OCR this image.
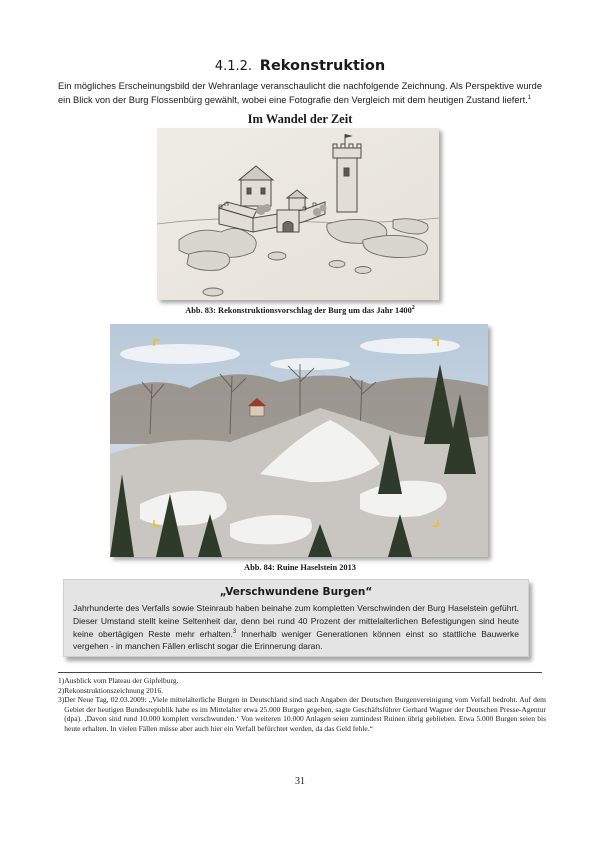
4.1.2. Rekonstruktion
Ein mögliches Erscheinungsbild der Wehranlage veranschaulicht die nachfolgende Zeichnung. Als Perspektive wurde ein Blick von der Burg Flossenbürg gewählt, wobei eine Fotografie den Vergleich mit dem heutigen Zustand liefert.$^1$
Im Wandel der Zeit
Abb. 83: Rekonstruktionsvorschlag der Burg um das Jahr 1400$^2$
Abb. 84: Ruine Haselstein 2013
„Verschwundene Burgen“
Jahrhunderte des Verfalls sowie Steinraub haben beinahe zum kompletten Verschwinden der Burg Haselstein geführt. Dieser Umstand stellt keine Seltenheit dar, denn bei rund 40 Prozent der mittelalterlichen Befestigungen sind heute keine obertägigen Reste mehr erhalten.$^3$ Innerhalb weniger Generationen können einst so stattliche Bauwerke vergehen - in manchen Fällen erlischt sogar die Erinnerung daran.
1) Ausblick vom Plateau der Gipfelburg.
2) Rekonstruktionszeichnung 2016.
3) Der Neue Tag, 02.03.2009: „Viele mittelalterliche Burgen in Deutschland sind nach Angaben der Deutschen Burgenvereinigung vom Verfall bedroht. Auf dem Gebiet der heutigen Bundesrepublik habe es im Mittelalter etwa 25.000 Burgen gegeben, sagte Geschäftsführer Gerhard Wagner der Deutschen Presse-Agentur (dpa). ‚Davon sind rund 10.000 komplett verschwunden.‘ Von weiteren 10.000 Anlagen seien zumindest Ruinen übrig geblieben. Etwa 5.000 Burgen seien bis heute erhalten. In vielen Fällen müsse aber auch hier ein Verfall befürchtet werden, da das Geld fehle.“
31
